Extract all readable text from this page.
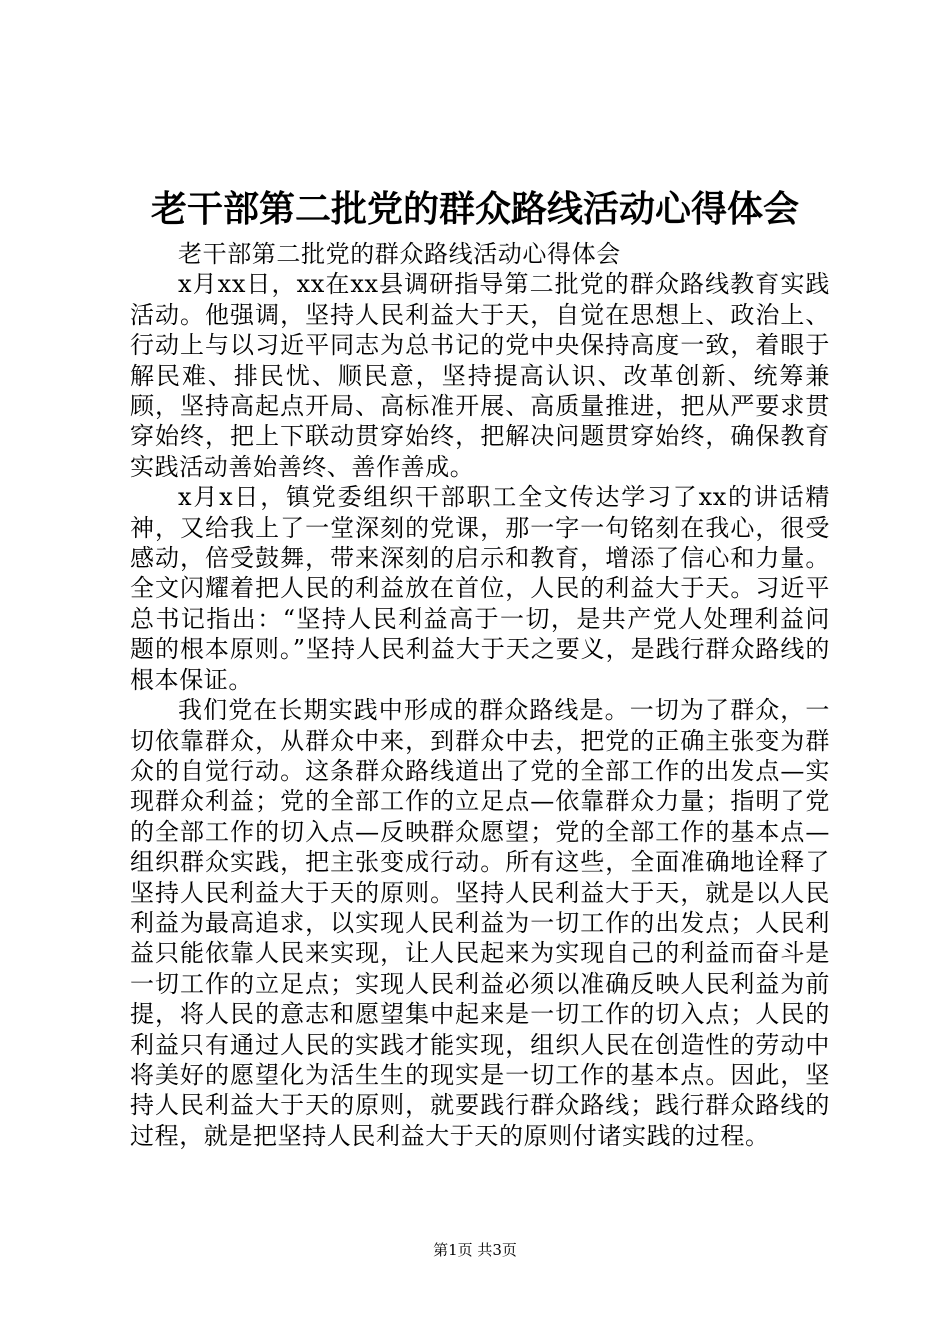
老干部第二批党的群众路线活动心得体会

老干部第二批党的群众路线活动心得体会

x月xx日，xx在xx县调研指导第二批党的群众路线教育实践活动。他强调，坚持人民利益大于天，自觉在思想上、政治上、行动上与以习近平同志为总书记的党中央保持高度一致，着眼于解民难、排民忧、顺民意，坚持提高认识、改革创新、统筹兼顾，坚持高起点开局、高标准开展、高质量推进，把从严要求贯穿始终，把上下联动贯穿始终，把解决问题贯穿始终，确保教育实践活动善始善终、善作善成。

x月x日，镇党委组织干部职工全文传达学习了xx的讲话精神，又给我上了一堂深刻的党课，那一字一句铭刻在我心，很受感动，倍受鼓舞，带来深刻的启示和教育，增添了信心和力量。全文闪耀着把人民的利益放在首位，人民的利益大于天。习近平总书记指出：“坚持人民利益高于一切，是共产党人处理利益问题的根本原则。”坚持人民利益大于天之要义，是践行群众路线的根本保证。

我们党在长期实践中形成的群众路线是。一切为了群众，一切依靠群众，从群众中来，到群众中去，把党的正确主张变为群众的自觉行动。这条群众路线道出了党的全部工作的出发点—实现群众利益；党的全部工作的立足点—依靠群众力量；指明了党的全部工作的切入点—反映群众愿望；党的全部工作的基本点—组织群众实践，把主张变成行动。所有这些，全面准确地诠释了坚持人民利益大于天的原则。坚持人民利益大于天，就是以人民利益为最高追求，以实现人民利益为一切工作的出发点；人民利益只能依靠人民来实现，让人民起来为实现自己的利益而奋斗是一切工作的立足点；实现人民利益必须以准确反映人民利益为前提，将人民的意志和愿望集中起来是一切工作的切入点；人民的利益只有通过人民的实践才能实现，组织人民在创造性的劳动中将美好的愿望化为活生生的现实是一切工作的基本点。因此，坚持人民利益大于天的原则，就要践行群众路线；践行群众路线的过程，就是把坚持人民利益大于天的原则付诸实践的过程。

第1页 共3页
